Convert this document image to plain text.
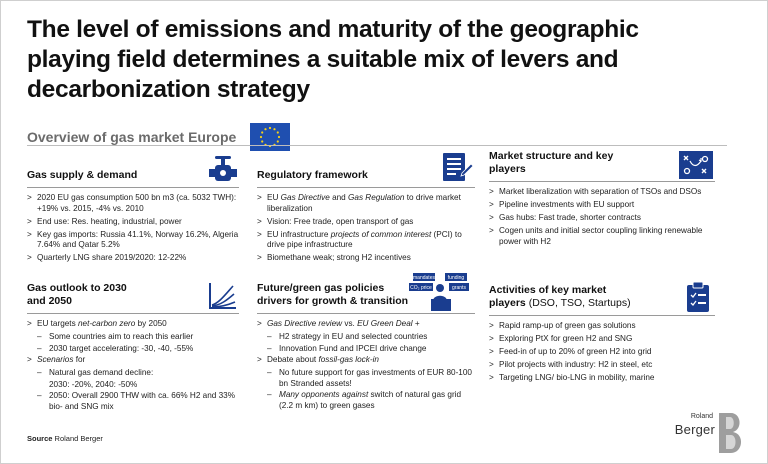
The level of emissions and maturity of the geographic
playing field determines a suitable mix of levers and
decarbonization strategy
Overview of gas market Europe
Gas supply & demand
> 2020 EU gas consumption 500 bn m3 (ca. 5032 TWH): +19% vs. 2015, -4% vs. 2010
> End use: Res. heating, industrial, power
> Key gas imports: Russia 41.1%, Norway 16.2%, Algeria 7.64% and Qatar 5.2%
> Quarterly LNG share 2019/2020: 12-22%
Gas outlook to 2030
and 2050
> EU targets net-carbon zero by 2050
– Some countries aim to reach this earlier
– 2030 target accelerating: -30, -40, -55%
> Scenarios for
– Natural gas demand decline:
2030: -20%, 2040: -50%
– 2050: Overall 2900 THW with ca. 66% H2 and 33% bio- and SNG mix
Regulatory framework
> EU Gas Directive and Gas Regulation to drive market liberalization
> Vision: Free trade, open transport of gas
> EU infrastructure projects of common interest (PCI) to drive pipe infrastructure
> Biomethane weak; strong H2 incentives
Future/green gas policies
drivers for growth & transition
mandates	funding
CO₂ price	grants
> Gas Directive review vs. EU Green Deal +
– H2 strategy in EU and selected countries
– Innovation Fund and IPCEI drive change
> Debate about fossil-gas lock-in
– No future support for gas investments of EUR 80-100 bn Stranded assets!
– Many opponents against switch of natural gas grid (2.2 m km) to green gases
Market structure and key
players
> Market liberalization with separation of TSOs and DSOs
> Pipeline investments with EU support
> Gas hubs: Fast trade, shorter contracts
> Cogen units and initial sector coupling linking renewable power with H2
Activities of key market
players (DSO, TSO, Startups)
> Rapid ramp-up of green gas solutions
> Exploring PtX for green H2 and SNG
> Feed-in of up to 20% of green H2 into grid
> Pilot projects with industry: H2 in steel, etc
> Targeting LNG/ bio-LNG in mobility, marine
Source Roland Berger
Roland
Berger
